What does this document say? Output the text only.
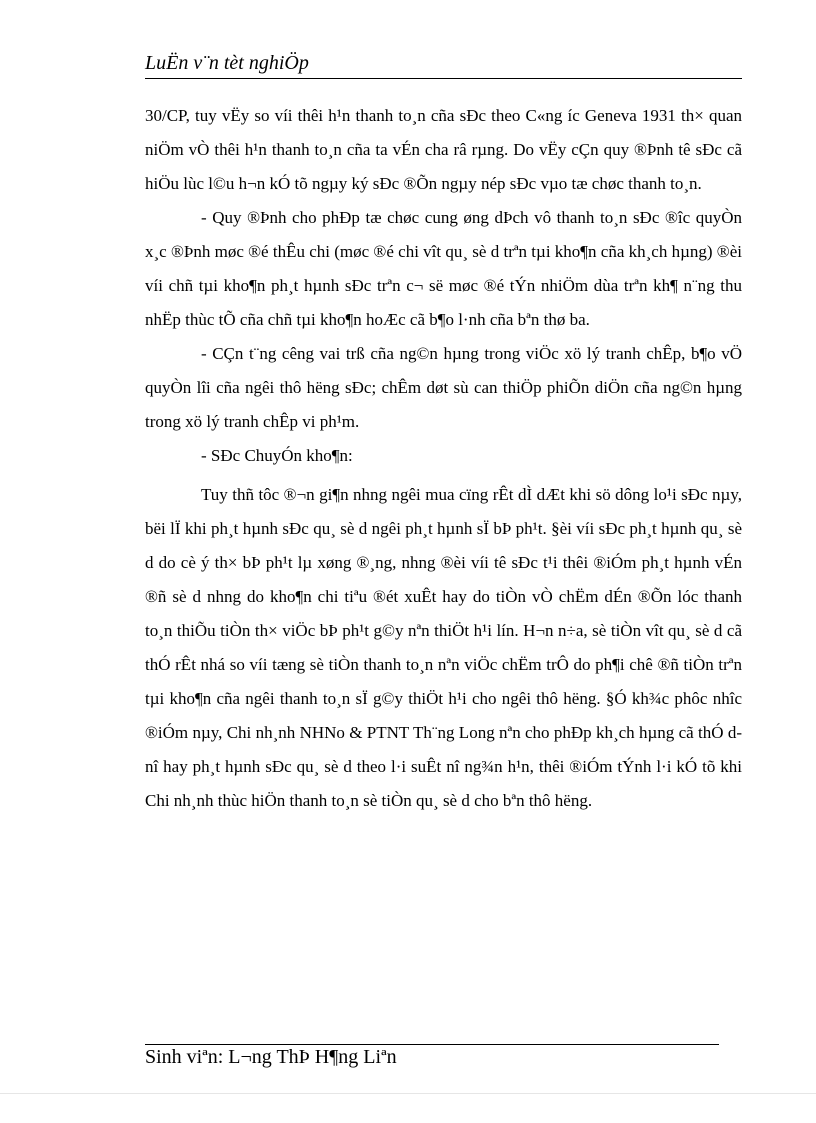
LuËn v¨n tèt nghiÖp

30/CP, tuy vËy so víi thêi h¹n thanh to¸n cña sÐc theo C«ng íc Geneva 1931 th× quan niÖm vÒ thêi h¹n thanh to¸n cña ta vÉn cha râ rµng. Do vËy cÇn quy ®Þnh tê sÐc cã hiÖu lùc l©u h¬n kÓ tõ ngµy ký sÐc ®Õn ngµy nép sÐc vµo tæ chøc thanh to¸n.

- Quy ®Þnh cho phÐp tæ chøc cung øng dÞch vô thanh to¸n sÐc ®îc quyÒn x¸c ®Þnh møc ®é thÊu chi (møc ®é chi vît qu¸ sè d trªn tµi kho¶n cña kh¸ch hµng) ®èi víi chñ tµi kho¶n ph¸t hµnh sÐc trªn c¬ së møc ®é tÝn nhiÖm dùa trªn kh¶ n¨ng thu nhËp thùc tÕ cña chñ tµi kho¶n hoÆc cã b¶o l·nh cña bªn thø ba.

- CÇn t¨ng cêng vai trß cña ng©n hµng trong viÖc xö lý tranh chÊp, b¶o vÖ quyÒn lîi cña ngêi thô hëng sÐc; chÊm døt sù can thiÖp phiÕn diÖn cña ng©n hµng trong xö lý tranh chÊp vi ph¹m.

- SÐc ChuyÓn kho¶n:

Tuy thñ tôc ®¬n gi¶n nhng ngêi mua cïng rÊt dÌ dÆt khi sö dông lo¹i sÐc nµy, bëi lÏ khi ph¸t hµnh sÐc qu¸ sè d ngêi ph¸t hµnh sÏ bÞ ph¹t. §èi víi sÐc ph¸t hµnh qu¸ sè d do cè ý th× bÞ ph¹t lµ xøng ®¸ng, nhng ®èi víi tê sÐc t¹i thêi ®iÓm ph¸t hµnh vÉn ®ñ sè d nhng do kho¶n chi tiªu ®ét xuÊt hay do tiÒn vÒ chËm dÉn ®Õn lóc thanh to¸n thiÕu tiÒn th× viÖc bÞ ph¹t g©y nªn thiÖt h¹i lín. H¬n n÷a, sè tiÒn vît qu¸ sè d cã thÓ rÊt nhá so víi tæng sè tiÒn thanh to¸n nªn viÖc chËm trÔ do ph¶i chê ®ñ tiÒn trªn tµi kho¶n cña ngêi thanh to¸n sÏ g©y thiÖt h¹i cho ngêi thô hëng. §Ó kh¾c phôc nhîc ®iÓm nµy, Chi nh¸nh NHNo & PTNT Th¨ng Long nªn cho phÐp kh¸ch hµng cã thÓ d nî hay ph¸t hµnh sÐc qu¸ sè d theo l·i suÊt nî ng¾n h¹n, thêi ®iÓm tÝnh l·i kÓ tõ khi Chi nh¸nh thùc hiÖn thanh to¸n sè tiÒn qu¸ sè d cho bªn thô hëng.

Sinh viªn: L¬ng ThÞ H¶ng Liªn
